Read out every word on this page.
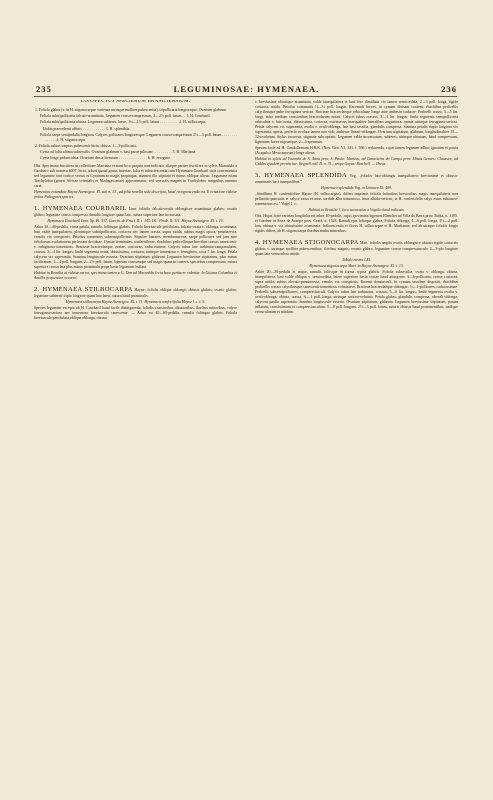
235	LEGUMINOSAE: HYMENAEA.	236

CONSPECTUS SPECIERUM BRASILIENSIUM.

1. Foliola glabra (v. in H. stigonocarpae varietate utrinque molliter pubescentia), tripollicaria longioraque. Ovarium glabrum.

Foliola subtripollicaria falcato-acuminata. Legumen crasso-compressum, 2—2½ poll. latum . . 1. H. Courbaril.

Foliola subtripollicaria obtusa. Legumen subteres, laeve, 1¼—1½ poll. latum . . . . . . . . . . 2. H. stilbocarpa.

Dubia praecedenti affinis . . . . . . . . . . . . 3. H. splendida.

Foliola saepe semipedalia longiora. Calyces pollicares longioresque. Legumen crasso-compressum 2½—3 poll. latum . . . . . . . . . . . . . . 4. H. stigonocarpa.

2. Foliola subtus saepius pubescenti-hirta, obtusa, 1—3-pollicaria.

Cyma ad folia ultima subsessilis. Ovarium glabrum v. basi parce pilosum . . . . . . . . . . 5. H. Martiana.

Cyma longe pedunculata. Ovarium dense hirsutum . . . . . . . . . . . . . . . 6. H. eriogyne.

Obs. Specimina fructifera in collectione Martiana exstant loco proprio non indicato, aliaque partier fructifera in sylvis Maranhão a Gardnero sub numero 6007. lecta, arbori quoad genus incertae, folia et infructescentia cum Hymenaea Courbaril satis convenientia sed legumine toto cortice versus et Cynometrae magis propinqua, attamen illo stipitato et minus oblique alicuo. Legumine etiam Trachylobio (generi Africae orientalis et Madagascariae) approximatur, sed verruciis magnis in Trachylobio insignibus omnino caret.

Hymenaea rotundata Hayne Arzneigew. XI. sub n. 13., ad folia novella sola descripta, haud recognoscenda est. E venatione videtur potius Peltogynes species.

1. HYMENAEA COURBARIL Linn. foliolis falcato-ovatis oblongisve acuminatis glabris; ovario glabro; legumine crasso compresso dimidio longiore quam lato, sutura superiore late incrassata.

Hymenaea Courbaril Linn. Sp. Pl. 537. Gaertn. de Fruct. II. t. 145. DC. Prodr. II. 511. Hayne Arzneigew. XI. t. 10.

Arbor 30—40-pedalis, coma patula, ramulis folliisque glabris. Foliola breviuscule petiolulata, falcato-ovata v. oblonga, acuminata, basi valde inaequilatera, plerumque subtripollicaria, coriacea nec tamen crassa, supra nitida, subtus magis opaca, penninervia, venulis vix conspicuis. Petiolus communis subsemipollicaris. Stipulae lineares, membranaceae, saepe pollicares sed jam ante foliolorum evolutionem perfectam deciduae. Cymae terminales, confertiflorae, rhachibus pedicellisque brevibus crassis canescenti- v. rubiginoso-tomentosis. Bracteae bracteolaeque ovatae, concavae, caducissimae. Calycis tubus late turbinato-campanulatus, crassus, 3—4 lin. longus; limbi segmenta ovata, obtusissima, coriacea, utrinque tomentosa v. ferruginea, circa 7 lin. longa. Petala calycem vix superantia. Stamina longiuscule exserta. Ovarium stipitatum glabrum. Legumen breviusime stipitatum, plus minus facilicatum, 3—4 poll. longum, 2—2½ poll. latum, ligneum crassumque sed magis quam in caeteris speciebus compressum, sutura superiore crassa lata plus minus prominula prope basin leguminis bullata.

Habitat in Brasilia ut videtur rarior, specimina tamen a G. Don ad Maranhão lecta haec pertinere videntur. In Guiana Columbia et Antillis frequentior occurrit.

2. HYMENAEA STILBOCARPA Hayne: foliolis oblique oblongis obtusis glabris; ovario glabro; legumine subtereti triplo longiore quam lato laevi, sutura haud prominulis.

Hymenaea stilbocarpa Hayne Arzneigew. XI. t. 11. Hymenaea confertifolia Hayne l. c. t. 9.

Species legumine excepto ab H. Courbaril haud facile distinguenda, foliolis crassioribus obtusioribus, floribus minoribus, calyce ferrugineo-sericeo nec tomentoso breviusculo canescente. — Arbor est 40—60-pedalis, ramulis foliisque glabris. Foliola breviuscule petiolulata oblique oblonga, obtusa

v. breviusime obtusique acuminata, valde inaequilatera et basi fere dimidiata vix tamen semicordata, 2—3 poll. longa, rigide coriacea, nitida. Petiolus communis ½—¾ poll. longus. Racemuli breves, in cymam densam conferti, rhachibus pedicellis calycibusque pube ferruginea sericea. Bracteae bracteolaeque orbiculatae longe ante anthesin caducae. Pedicelli crassi, 3—5 lin. longi, infra medium crassioribus bracteolarum notati. Calycis tubus crassus, 3—4 lin. longus; limbi segmenta semipollicaria orbiculata v. late ovata, obtusissima, coriacea, extrinsecus inaequaliter lateralibus angustiora, omnia utrinque ferrugineo-sericea. Petala calycem vix superantia, ovalia v. ovali-oblonga, late basi sessilia, glandulis conspersa. Stamina petalis duplo longiora vix superantia, aperta, perfecte evoluta tamen non vidi; antherae lineari-oblongae. Ovarium stipitatum, glabrum, longitudinaliter 10—12-ovulatum. Stylus incurvus, stigmate subcapitato. Legumen valde incrassatum, subteres, utrinque obtusum, haud compressum, lignosum, laeve nigrumque, 2—4-spermum.

Specim facie ad H. Candolleanam H.B.K. (Nov. Gen. VI. 323. t. 566.) reducenda, cujus tamen legumen adhuc ignotum et patria (Acapulco Mexicanorum) longe aliena.

Habitat in sylvis ad Fazenda de S. Anna prov. S. Paulo: Martius; ad Canavieira do Campo prov. Minas Geraes: Claussen; ad Caldas ejusdem provinciae: Regnell coll. II. n. 31.; prope Goyaz: Burchell. — Oreas.

3. HYMENAEA SPLENDIDA Vog. „foliolis lato-oblongis inaequilateris breviusime et obtuso-acuminatis basi inaequalibus."

Hymenaea splendida Vog. in Linnaea XI. 409.

„Simillima H. confertifoliae Hayne (H. stilbocarpae), differt imprimis foliolis latioribus brevioribus magis inaequilateris non pellucido-punctatis et calyce extus et intus sordide albo-tomentoso, intus albido-sericeo; ia H. confertifolia calyx extus subaureo-tomentosus est." Vogel l. c.

Habitat in Brasilia ?, loco accuratius a Vogelio haud indicato.

Obs. Hujus forte varietas longifolia est arbor 40-pedalis, cujus specimina legerunt Blanchet ad Villa da Barra prov. Bahia, n. 3185. et Gardner in Serra de Araripe prov. Ceará, n. 1528. Ramuli ejus foliaque glabra. Foliola oblonga, 4—6 poll. longa, 1½—2 poll. lata, obtusa v. vix obtusissime acuminata. Inflorescentia et flores H. stilbocarpae et H. Martianae, sed ab utraque foliolis longis rigidis differt, ab H. stigonocarpa floribus multo minoribus.

4. HYMENAEA STIGONOCARPA Mart. foliolis amplis ovatis oblongisve obtusis rigide coriaceis glabris v. utrinque molliter pubescentibus; floribus magnis; ovario glabro; legumine crasso compressiusculo 2—3-plo longiore quam lato verruculoso nitido.

Tabula nostra LXI.

Hymenaea stigonocarpa Mart. in Hayne Arzneigew. XI. t. 13.

Arbor 20—30-pedalis et major, ramulis foliisque in forma typica glabris. Foliola subsessilia, ovata v. oblonga, obtusa, inaequilatera, basi valde obliqua v. semicordata, latere superiore basin costae haud attingente, 3—6-pollicaria, crasse coriacea, supra nitida, subtus elevato-penninervia, venulis vix conspicuis. Racemi densiusculi, in cymam sessilem dispositi, rhachibus pedicellis crassis calycibusque canescenti-tomentosis velutinisve. Bracteae bracteolaeque oblongae, ½—1-pollicares, caducissimae. Pedicelli subsemipollicares, compressiusculi. Calycis tubus late turbinatus, crassus, 5—6 lin. longus; limbi segmenta ovalia v. ovali-oblonga, obtusa, crassa, ¾—1 poll. longa, utrinque sericeo-velutina. Petala glabra, glandulis conspersa, obovali-oblonga, calycem paullo superantia. Stamina longiuscule exserta. Ovarium stipitatum, glabrum. Legumen breviusime stipitatum, parum inflatum, crassissimum et compressiusculum, 5—8 poll. longum, 2½—3 poll. latum, suturis obtusis haud prominentibus, undique verruculosum et nitidum.
